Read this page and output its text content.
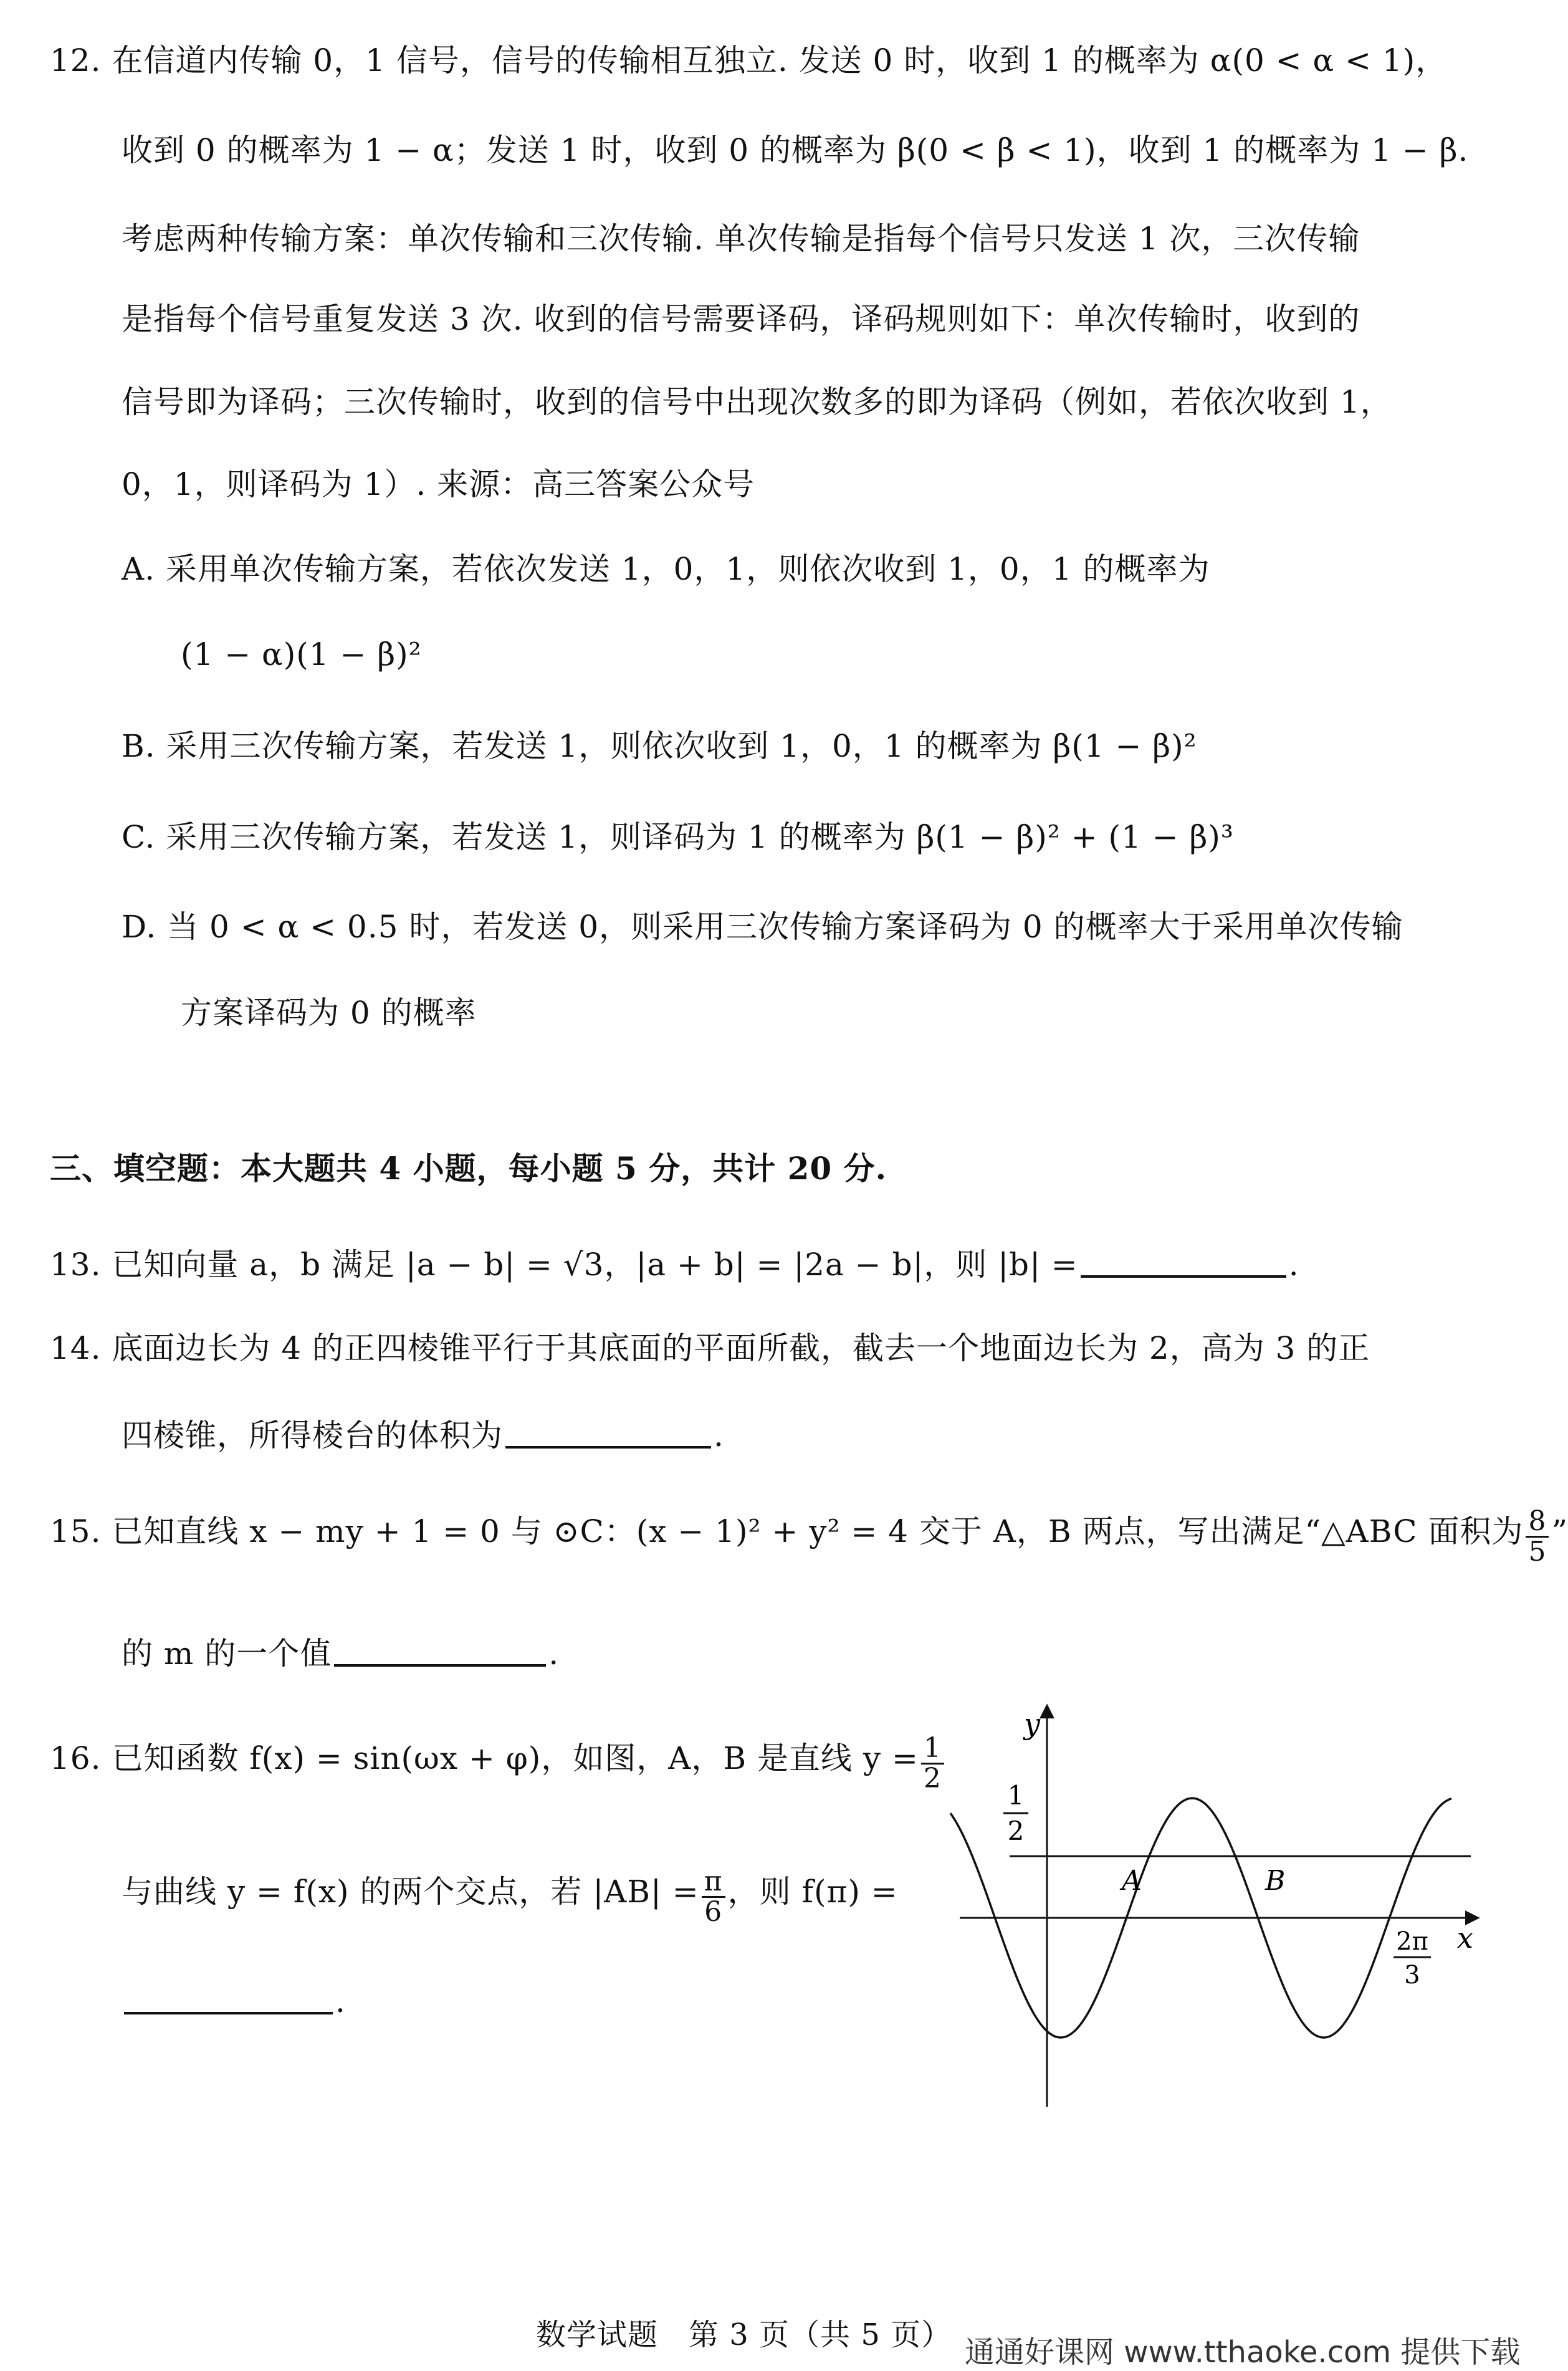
12. 在信道内传输 0，1 信号，信号的传输相互独立. 发送 0 时，收到 1 的概率为 α(0 < α < 1)，
收到 0 的概率为 1 − α；发送 1 时，收到 0 的概率为 β(0 < β < 1)，收到 1 的概率为 1 − β.
考虑两种传输方案：单次传输和三次传输. 单次传输是指每个信号只发送 1 次，三次传输
是指每个信号重复发送 3 次. 收到的信号需要译码，译码规则如下：单次传输时，收到的
信号即为译码；三次传输时，收到的信号中出现次数多的即为译码（例如，若依次收到 1，
0，1，则译码为 1）. 来源：高三答案公众号
A. 采用单次传输方案，若依次发送 1，0，1，则依次收到 1，0，1 的概率为
(1 − α)(1 − β)²
B. 采用三次传输方案，若发送 1，则依次收到 1，0，1 的概率为 β(1 − β)²
C. 采用三次传输方案，若发送 1，则译码为 1 的概率为 β(1 − β)² + (1 − β)³
D. 当 0 < α < 0.5 时，若发送 0，则采用三次传输方案译码为 0 的概率大于采用单次传输
方案译码为 0 的概率
三、填空题：本大题共 4 小题，每小题 5 分，共计 20 分.
13. 已知向量 a，b 满足 |a − b| = √3，|a + b| = |2a − b|，则 |b| =	.
14. 底面边长为 4 的正四棱锥平行于其底面的平面所截，截去一个地面边长为 2，高为 3 的正
四棱锥，所得棱台的体积为	.
15. 已知直线 x − my + 1 = 0 与 ⊙C：(x − 1)² + y² = 4 交于 A，B 两点，写出满足“△ABC 面积为 $\frac{8}{5}$ ”
的 m 的一个值	.
16. 已知函数 f(x) = sin(ωx + φ)，如图，A，B 是直线 $y = \frac{1}{2}$
与曲线 y = f(x) 的两个交点，若 $|AB| = \frac{\pi}{6}$ ，则 f(π) =
.
y
x
1
2
A	B
2π
3
数学试题　第 3 页（共 5 页） 通通好课网 www.tthaoke.com 提供下载
